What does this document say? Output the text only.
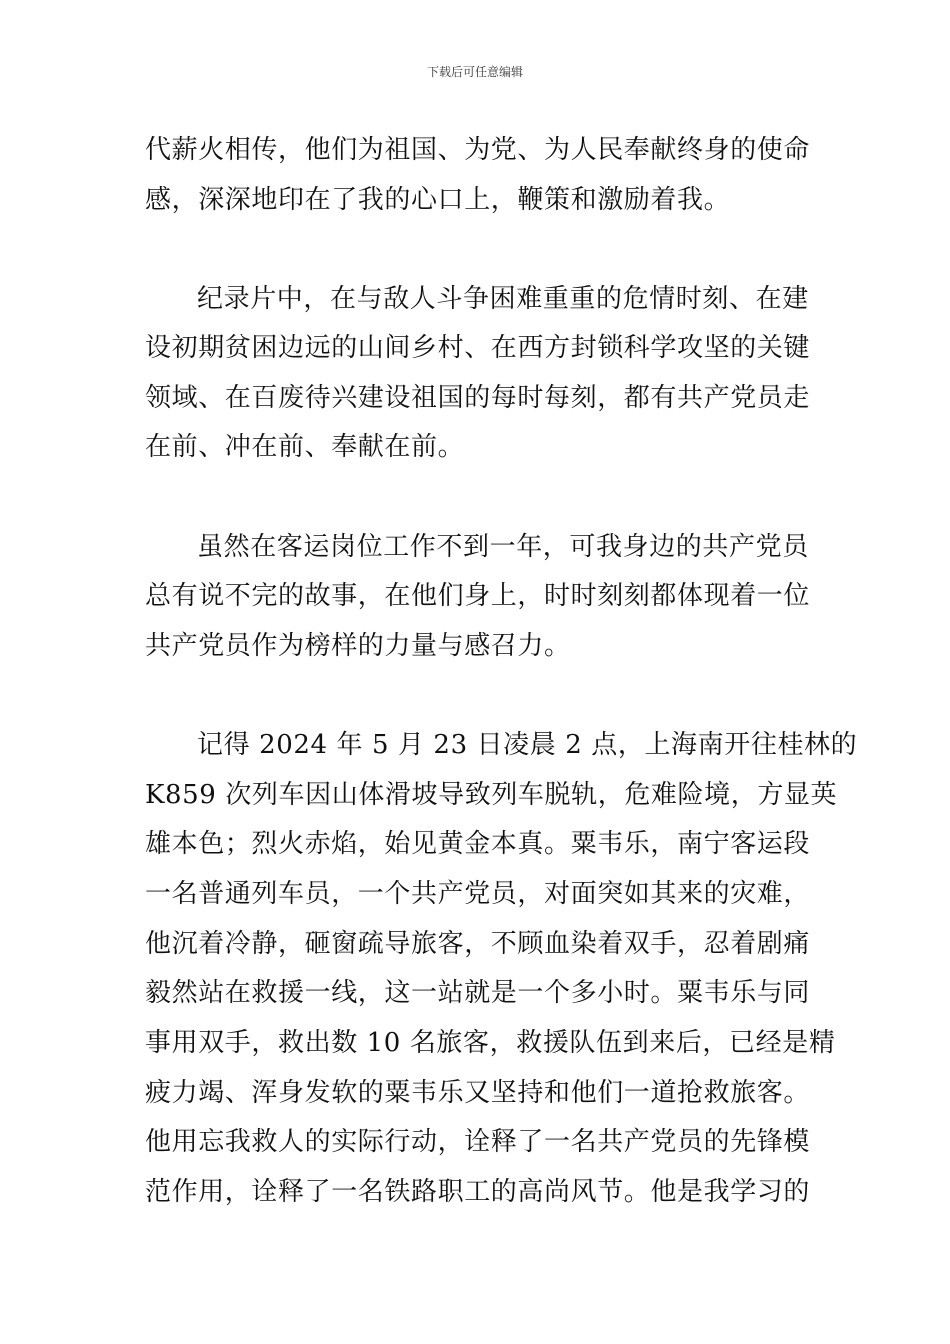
下载后可任意编辑
代薪火相传，他们为祖国、为党、为人民奉献终身的使命
感，深深地印在了我的心口上，鞭策和激励着我。
纪录片中，在与敌人斗争困难重重的危情时刻、在建
设初期贫困边远的山间乡村、在西方封锁科学攻坚的关键
领域、在百废待兴建设祖国的每时每刻，都有共产党员走
在前、冲在前、奉献在前。
虽然在客运岗位工作不到一年，可我身边的共产党员
总有说不完的故事，在他们身上，时时刻刻都体现着一位
共产党员作为榜样的力量与感召力。
记得 2024 年 5 月 23 日凌晨 2 点，上海南开往桂林的
K859 次列车因山体滑坡导致列车脱轨，危难险境，方显英
雄本色；烈火赤焰，始见黄金本真。粟韦乐，南宁客运段
一名普通列车员，一个共产党员，对面突如其来的灾难，
他沉着冷静，砸窗疏导旅客，不顾血染着双手，忍着剧痛
毅然站在救援一线，这一站就是一个多小时。粟韦乐与同
事用双手，救出数 10 名旅客，救援队伍到来后，已经是精
疲力竭、浑身发软的粟韦乐又坚持和他们一道抢救旅客。
他用忘我救人的实际行动，诠释了一名共产党员的先锋模
范作用，诠释了一名铁路职工的高尚风节。他是我学习的
